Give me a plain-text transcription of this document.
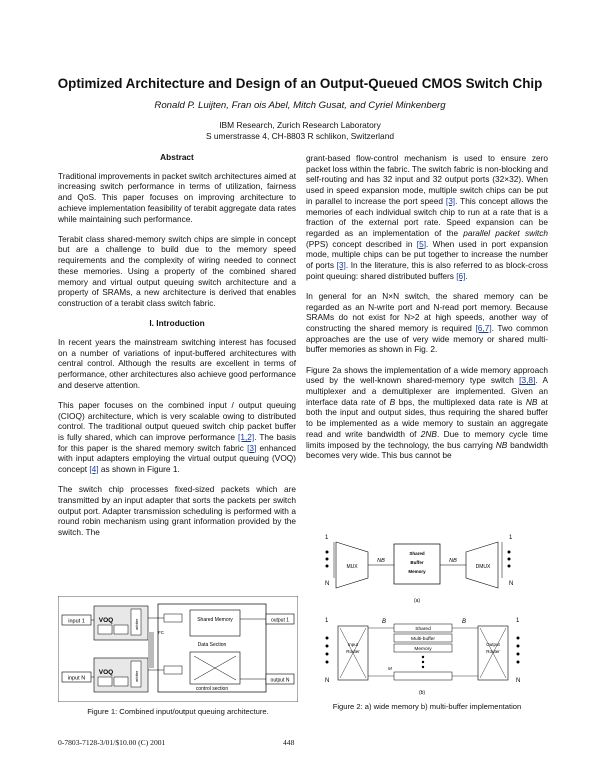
Optimized Architecture and Design of an Output-Queued CMOS Switch Chip
Ronald P. Luijten, Fran ois Abel, Mitch Gusat, and Cyriel Minkenberg
IBM Research, Zurich Research Laboratory
S umerstrasse 4, CH-8803 R schlikon, Switzerland
Abstract

Traditional improvements in packet switch architectures aimed at increasing switch performance in terms of utilization, fairness and QoS. This paper focuses on improving architecture to achieve implementation feasibility of terabit aggregate data rates while maintaining such performance.

Terabit class shared-memory switch chips are simple in concept but are a challenge to build due to the memory speed requirements and the complexity of wiring needed to connect these memories. Using a property of the combined shared memory and virtual output queuing switch architecture and a property of SRAMs, a new architecture is derived that enables construction of a terabit class switch fabric.

I. Introduction

In recent years the mainstream switching interest has focused on a number of variations of input-buffered architectures with central control. Although the results are excellent in terms of performance, other architectures also achieve good performance and deserve attention.

This paper focuses on the combined input / output queuing (CIOQ) architecture, which is very scalable owing to distributed control. The traditional output queued switch chip packet buffer is fully shared, which can improve performance [1,2]. The basis for this paper is the shared memory switch fabric [3] enhanced with input adapters employing the virtual output queuing (VOQ) concept [4] as shown in Figure 1.

The switch chip processes fixed-sized packets which are transmitted by an input adapter that sorts the packets per switch output port. Adapter transmission scheduling is performed with a round robin mechanism using grant information provided by the switch. The

grant-based flow-control mechanism is used to ensure zero packet loss within the fabric. The switch fabric is non-blocking and self-routing and has 32 input and 32 output ports (32×32). When used in speed expansion mode, multiple switch chips can be put in parallel to increase the port speed [3]. This concept allows the memories of each individual switch chip to run at a rate that is a fraction of the external port rate. Speed expansion can be regarded as an implementation of the parallel packet switch (PPS) concept described in [5]. When used in port expansion mode, multiple chips can be put together to increase the number of ports [3]. In the literature, this is also referred to as block-cross point queuing: shared distributed buffers [6].

In general for an N×N switch, the shared memory can be regarded as an N-write port and N-read port memory. Because SRAMs do not exist for N>2 at high speeds, another way of constructing the shared memory is required [6,7]. Two common approaches are the use of very wide memory or shared multi-buffer memories as shown in Fig. 2.

Figure 2a shows the implementation of a wide memory approach used by the well-known shared-memory type switch [3,8]. A multiplexer and a demultiplexer are implemented. Given an interface data rate of B bps, the multiplexed data rate is NB at both the input and output sides, thus requiring the shared buffer to be implemented as a wide memory to sustain an aggregate read and write bandwidth of 2NB. Due to memory cycle time limits imposed by the technology, the bus carrying NB bandwidth becomes very wide. This bus cannot be

input 1 VOQ	arbiter
input N
VOQ	arbiter
FC
Shared Memory
Data Section
control section
output 1
output N
Figure 1: Combined input/output queuing architecture.
1
N
MUX
NB
Shared
Buffer
Memory
NB
DMUX
1
N
(a)
1
N
B	B
Input
Router
Shared
Multi-buffer
Memory
M
Output
Router
1
N
(b)
Figure 2: a) wide memory b) multi-buffer implementation
0-7803-7128-3/01/$10.00 (C) 2001	448
